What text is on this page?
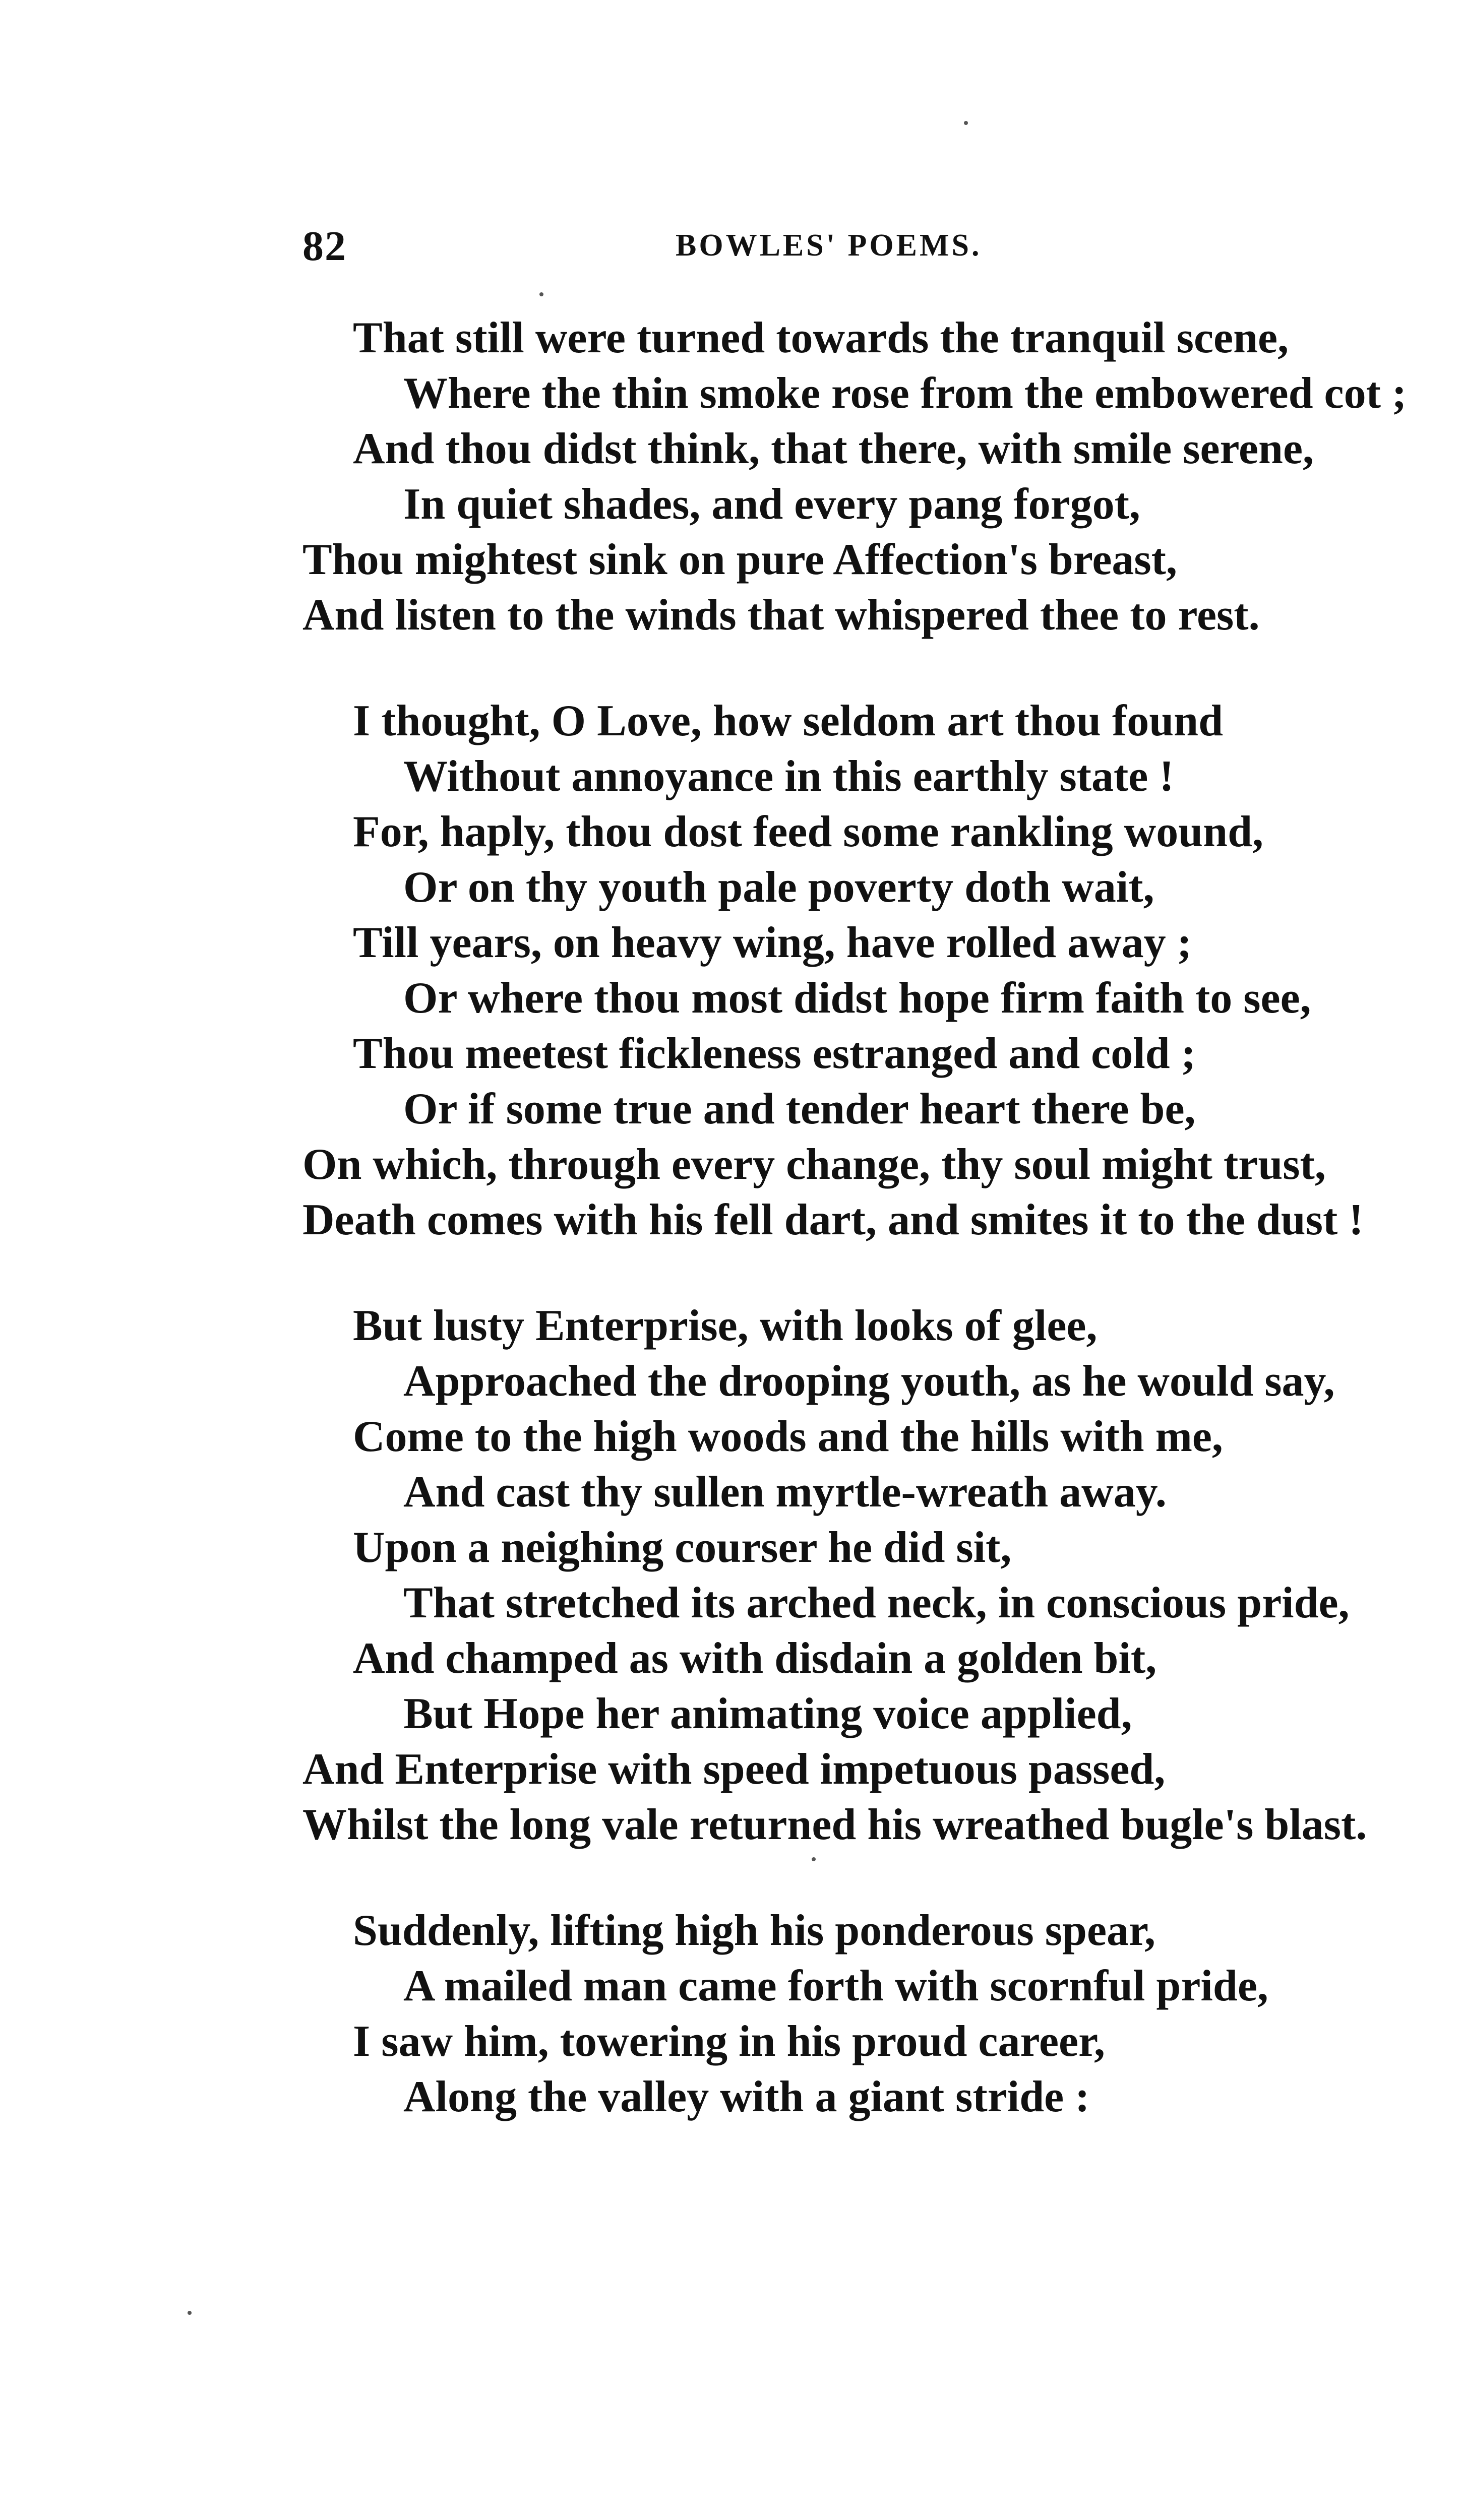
82	BOWLES' POEMS.
That still were turned towards the tranquil scene,
Where the thin smoke rose from the embowered cot ;
And thou didst think, that there, with smile serene,
In quiet shades, and every pang forgot,
Thou mightest sink on pure Affection's breast,
And listen to the winds that whispered thee to rest.
I thought, O Love, how seldom art thou found
Without annoyance in this earthly state !
For, haply, thou dost feed some rankling wound,
Or on thy youth pale poverty doth wait,
Till years, on heavy wing, have rolled away ;
Or where thou most didst hope firm faith to see,
Thou meetest fickleness estranged and cold ;
Or if some true and tender heart there be,
On which, through every change, thy soul might trust,
Death comes with his fell dart, and smites it to the dust !
But lusty Enterprise, with looks of glee,
Approached the drooping youth, as he would say,
Come to the high woods and the hills with me,
And cast thy sullen myrtle-wreath away.
Upon a neighing courser he did sit,
That stretched its arched neck, in conscious pride,
And champed as with disdain a golden bit,
But Hope her animating voice applied,
And Enterprise with speed impetuous passed,
Whilst the long vale returned his wreathed bugle's blast.
Suddenly, lifting high his ponderous spear,
A mailed man came forth with scornful pride,
I saw him, towering in his proud career,
Along the valley with a giant stride :
